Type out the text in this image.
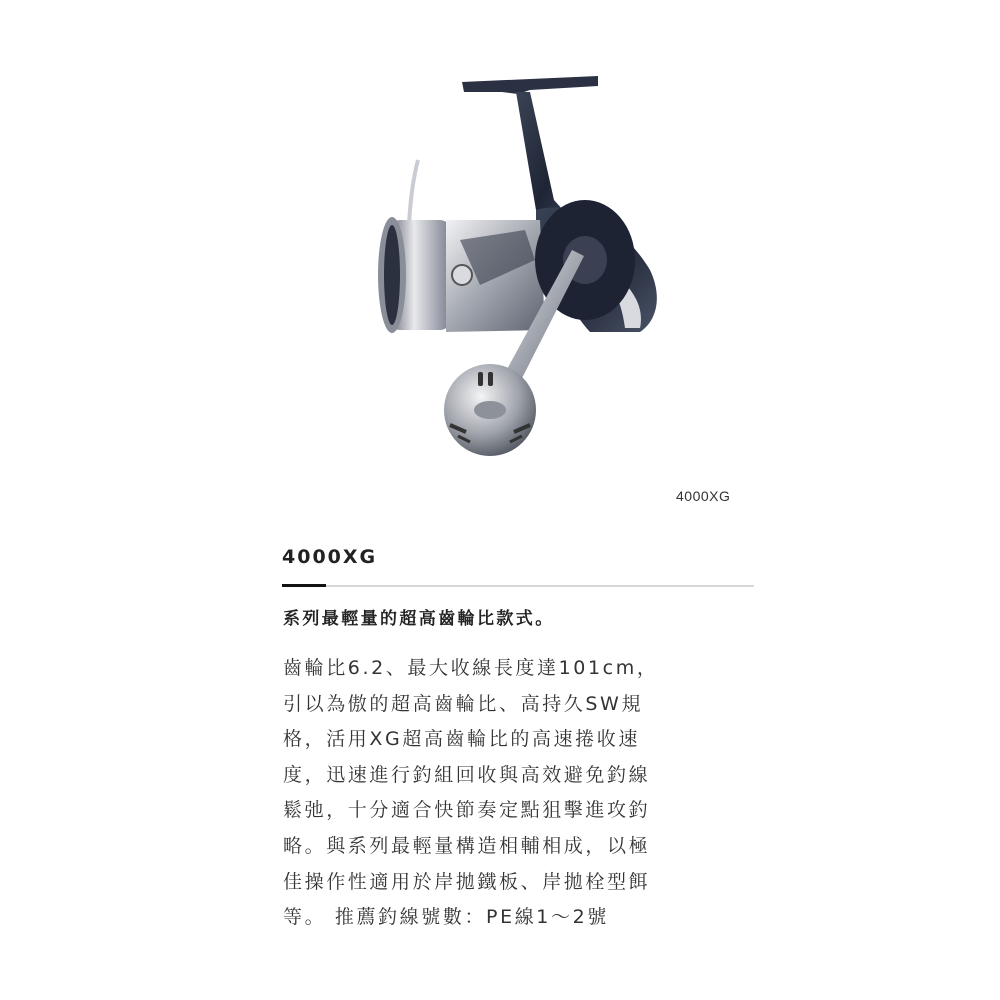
4000XG
4000XG
系列最輕量的超高齒輪比款式。

齒輪比6.2、最大收線長度達101cm，
引以為傲的超高齒輪比、高持久SW規
格，活用XG超高齒輪比的高速捲收速
度，迅速進行釣組回收與高效避免釣線
鬆弛，十分適合快節奏定點狙擊進攻釣
略。與系列最輕量構造相輔相成，以極
佳操作性適用於岸拋鐵板、岸拋栓型餌
等。 推薦釣線號數：PE線1～2號
